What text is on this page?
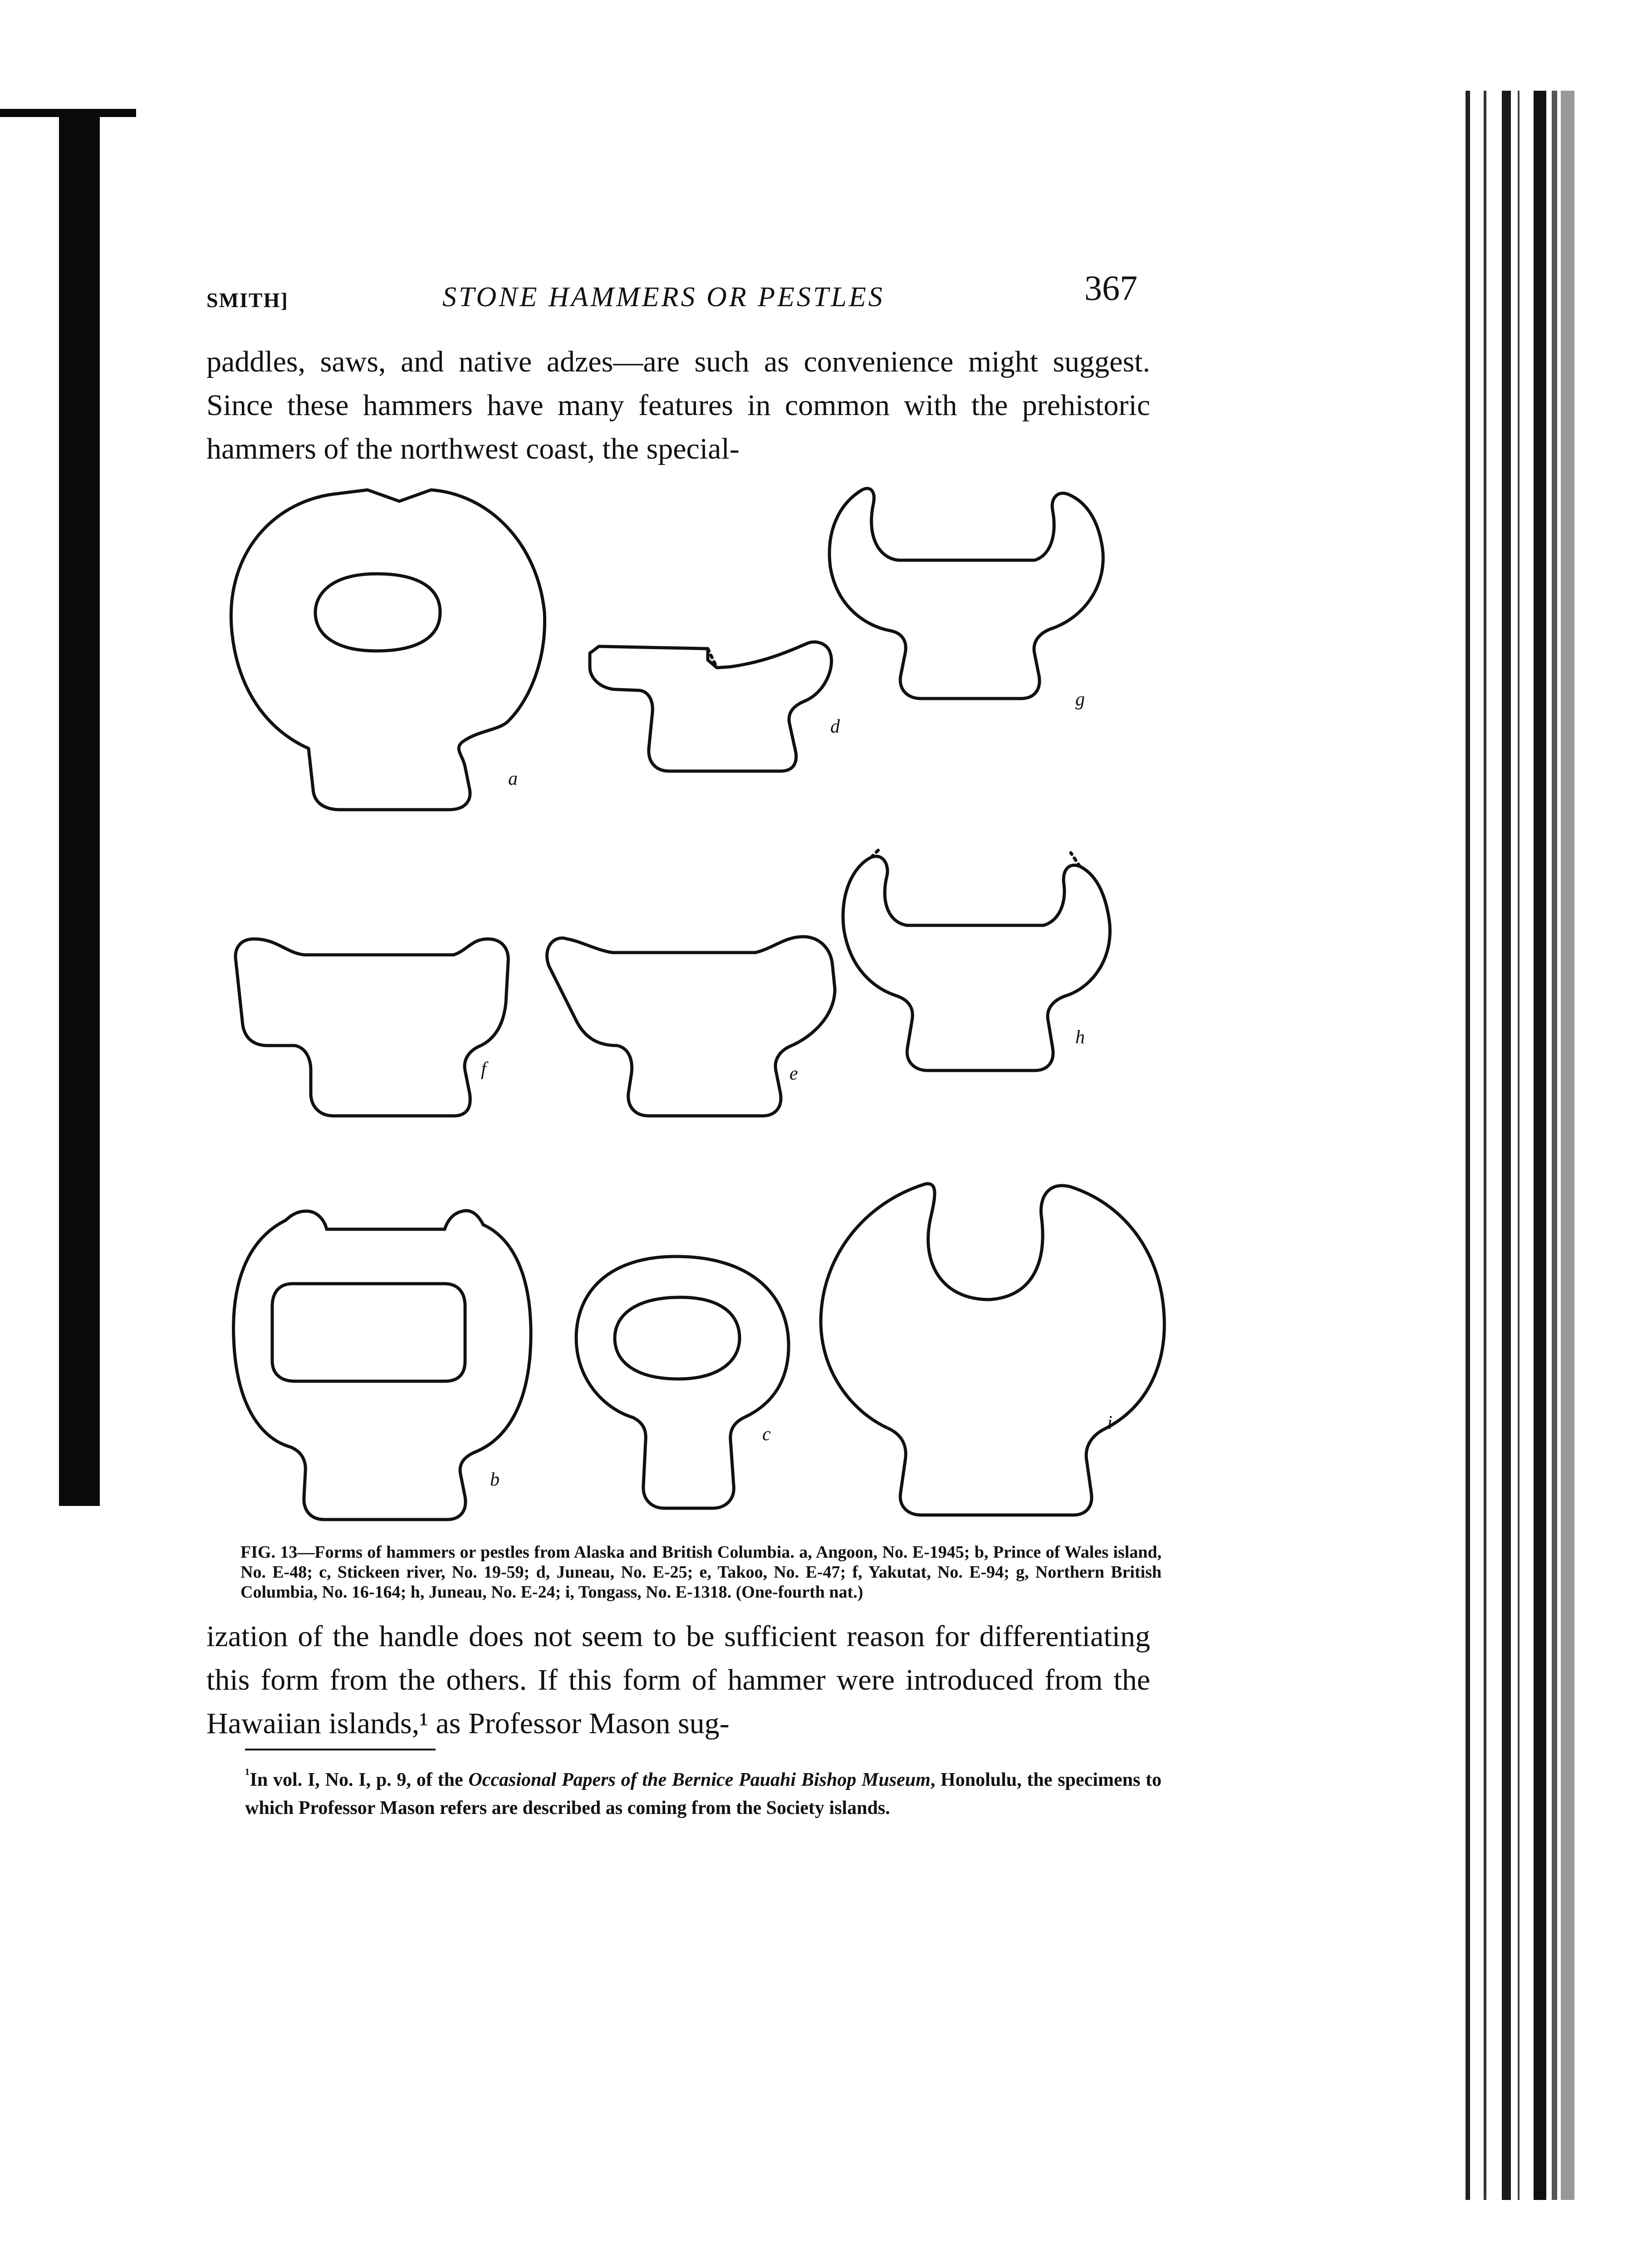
SMITH]	STONE HAMMERS OR PESTLES	367

paddles, saws, and native adzes—are such as convenience might suggest. Since these hammers have many features in common with the prehistoric hammers of the northwest coast, the special-

a
d
g
f	e
h
b
c
i
FIG. 13—Forms of hammers or pestles from Alaska and British Columbia. a, Angoon, No. E-1945; b, Prince of Wales island, No. E-48; c, Stickeen river, No. 19-59; d, Juneau, No. E-25; e, Takoo, No. E-47; f, Yakutat, No. E-94; g, Northern British Columbia, No. 16-164; h, Juneau, No. E-24; i, Tongass, No. E-1318. (One-fourth nat.)

ization of the handle does not seem to be sufficient reason for differentiating this form from the others. If this form of hammer were introduced from the Hawaiian islands,¹ as Professor Mason sug-

$^{^1}$In vol. I, No. I, p. 9, of the Occasional Papers of the Bernice Pauahi Bishop Museum, Honolulu, the specimens to which Professor Mason refers are described as coming from the Society islands.
